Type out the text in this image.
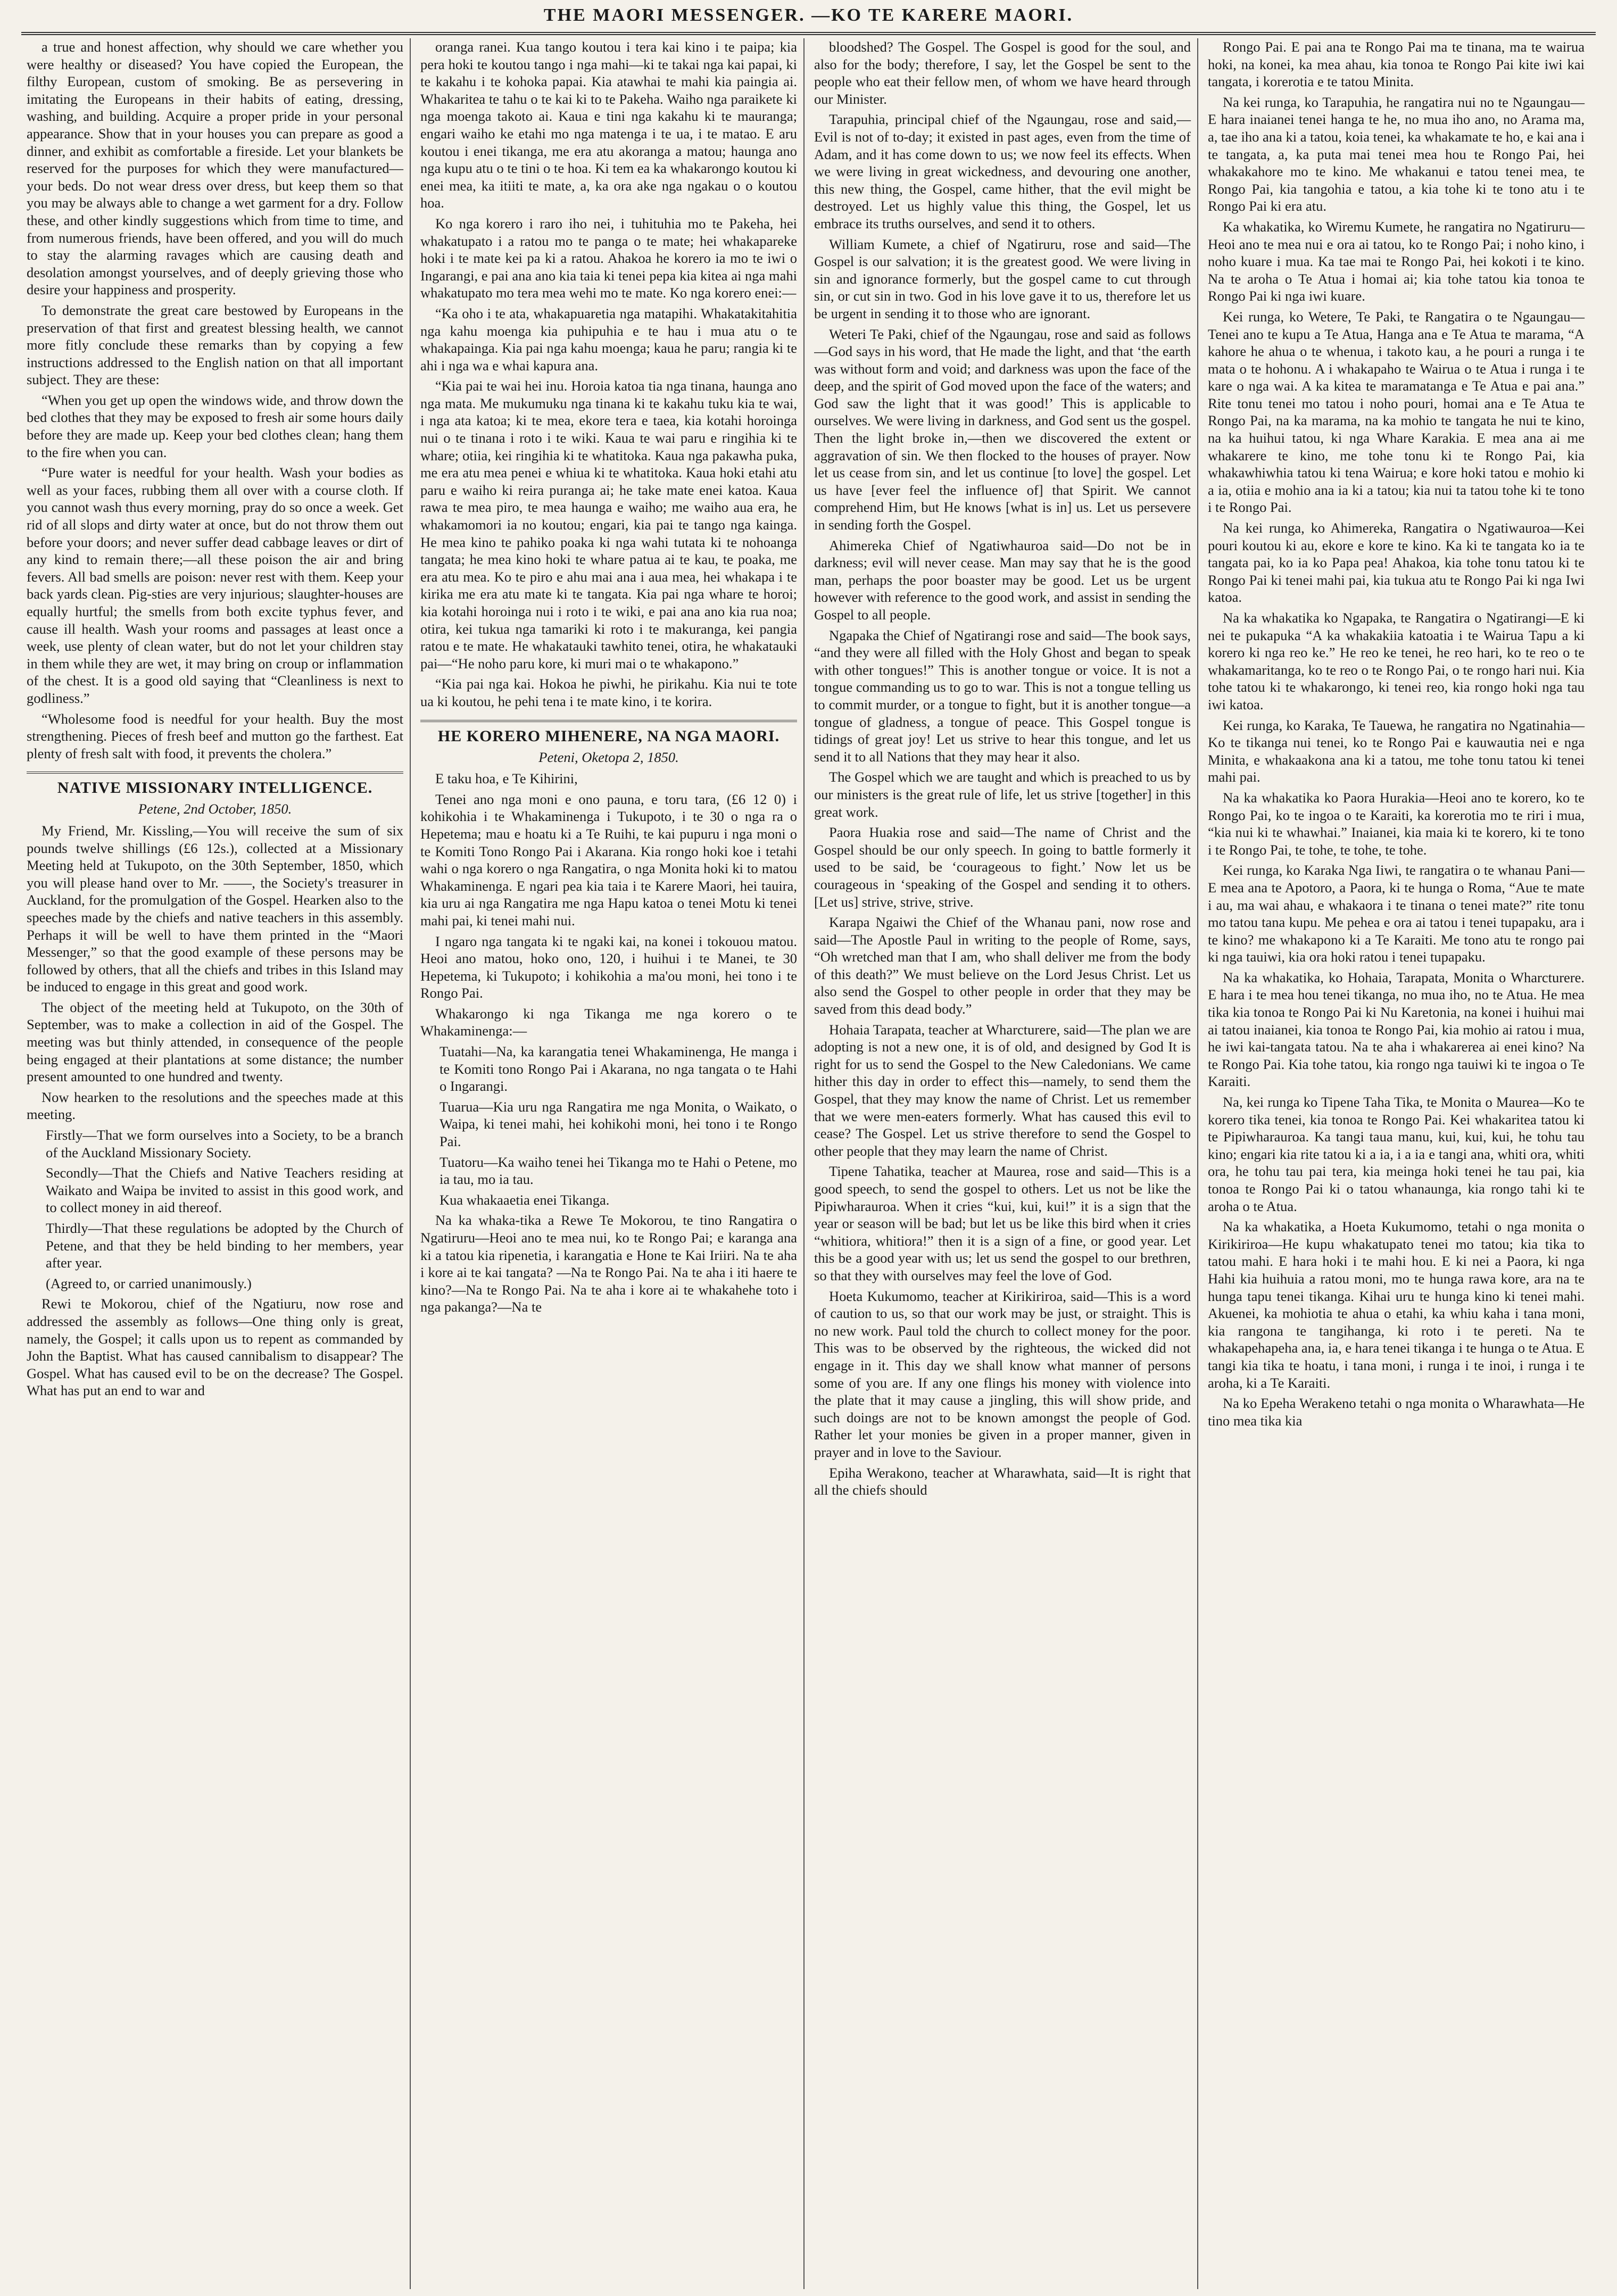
THE MAORI MESSENGER. —KO TE KARERE MAORI.

a true and honest affection, why should we care whether you were healthy or diseased? You have copied the European, the filthy European, custom of smoking. Be as persevering in imitating the Europeans in their habits of eating, dressing, washing, and building. Acquire a proper pride in your personal appearance. Show that in your houses you can prepare as good a dinner, and exhibit as comfortable a fireside. Let your blankets be reserved for the purposes for which they were manufactured—your beds. Do not wear dress over dress, but keep them so that you may be always able to change a wet garment for a dry. Follow these, and other kindly suggestions which from time to time, and from numerous friends, have been offered, and you will do much to stay the alarming ravages which are causing death and desolation amongst yourselves, and of deeply grieving those who desire your happiness and prosperity.

To demonstrate the great care bestowed by Europeans in the preservation of that first and greatest blessing health, we cannot more fitly conclude these remarks than by copying a few instructions addressed to the English nation on that all important subject. They are these:

“When you get up open the windows wide, and throw down the bed clothes that they may be exposed to fresh air some hours daily before they are made up. Keep your bed clothes clean; hang them to the fire when you can.

“Pure water is needful for your health. Wash your bodies as well as your faces, rubbing them all over with a course cloth. If you cannot wash thus every morning, pray do so once a week. Get rid of all slops and dirty water at once, but do not throw them out before your doors; and never suffer dead cabbage leaves or dirt of any kind to remain there;—all these poison the air and bring fevers. All bad smells are poison: never rest with them. Keep your back yards clean. Pig-sties are very injurious; slaughter-houses are equally hurtful; the smells from both excite typhus fever, and cause ill health. Wash your rooms and passages at least once a week, use plenty of clean water, but do not let your children stay in them while they are wet, it may bring on croup or inflammation of the chest. It is a good old saying that “Cleanliness is next to godliness.”

“Wholesome food is needful for your health. Buy the most strengthening. Pieces of fresh beef and mutton go the farthest. Eat plenty of fresh salt with food, it prevents the cholera.”

NATIVE MISSIONARY INTELLIGENCE.
Petene, 2nd October, 1850.

My Friend, Mr. Kissling,—You will receive the sum of six pounds twelve shillings (£6 12s.), collected at a Missionary Meeting held at Tukupoto, on the 30th September, 1850, which you will please hand over to Mr. ——, the Society's treasurer in Auckland, for the promulgation of the Gospel. Hearken also to the speeches made by the chiefs and native teachers in this assembly. Perhaps it will be well to have them printed in the “Maori Messenger,” so that the good example of these persons may be followed by others, that all the chiefs and tribes in this Island may be induced to engage in this great and good work.

The object of the meeting held at Tukupoto, on the 30th of September, was to make a collection in aid of the Gospel. The meeting was but thinly attended, in consequence of the people being engaged at their plantations at some distance; the number present amounted to one hundred and twenty.

Now hearken to the resolutions and the speeches made at this meeting.

Firstly—That we form ourselves into a Society, to be a branch of the Auckland Missionary Society.

Secondly—That the Chiefs and Native Teachers residing at Waikato and Waipa be invited to assist in this good work, and to collect money in aid thereof.

Thirdly—That these regulations be adopted by the Church of Petene, and that they be held binding to her members, year after year.

(Agreed to, or carried unanimously.)

Rewi te Mokorou, chief of the Ngatiuru, now rose and addressed the assembly as follows—One thing only is great, namely, the Gospel; it calls upon us to repent as commanded by John the Baptist. What has caused cannibalism to disappear? The Gospel. What has caused evil to be on the decrease? The Gospel. What has put an end to war and

oranga ranei. Kua tango koutou i tera kai kino i te paipa; kia pera hoki te koutou tango i nga mahi—ki te takai nga kai papai, ki te kakahu i te kohoka papai. Kia atawhai te mahi kia paingia ai. Whakaritea te tahu o te kai ki to te Pakeha. Waiho nga paraikete ki nga moenga takoto ai. Kaua e tini nga kakahu ki te mauranga; engari waiho ke etahi mo nga matenga i te ua, i te matao. E aru koutou i enei tikanga, me era atu akoranga a matou; haunga ano nga kupu atu o te tini o te hoa. Ki tem ea ka whakarongo koutou ki enei mea, ka itiiti te mate, a, ka ora ake nga ngakau o o koutou hoa.

Ko nga korero i raro iho nei, i tuhituhia mo te Pakeha, hei whakatupato i a ratou mo te panga o te mate; hei whakapareke hoki i te mate kei pa ki a ratou. Ahakoa he korero ia mo te iwi o Ingarangi, e pai ana ano kia taia ki tenei pepa kia kitea ai nga mahi whakatupato mo tera mea wehi mo te mate. Ko nga korero enei:—

“Ka oho i te ata, whakapuaretia nga matapihi. Whakatakitahitia nga kahu moenga kia puhipuhia e te hau i mua atu o te whakapainga. Kia pai nga kahu moenga; kaua he paru; rangia ki te ahi i nga wa e whai kapura ana.

“Kia pai te wai hei inu. Horoia katoa tia nga tinana, haunga ano nga mata. Me mukumuku nga tinana ki te kakahu tuku kia te wai, i nga ata katoa; ki te mea, ekore tera e taea, kia kotahi horoinga nui o te tinana i roto i te wiki. Kaua te wai paru e ringihia ki te whare; otiia, kei ringihia ki te whatitoka. Kaua nga pakawha puka, me era atu mea penei e whiua ki te whatitoka. Kaua hoki etahi atu paru e waiho ki reira puranga ai; he take mate enei katoa. Kaua rawa te mea piro, te mea haunga e waiho; me waiho aua era, he whakamomori ia no koutou; engari, kia pai te tango nga kainga. He mea kino te pahiko poaka ki nga wahi tutata ki te nohoanga tangata; he mea kino hoki te whare patua ai te kau, te poaka, me era atu mea. Ko te piro e ahu mai ana i aua mea, hei whakapa i te kirika me era atu mate ki te tangata. Kia pai nga whare te horoi; kia kotahi horoinga nui i roto i te wiki, e pai ana ano kia rua noa; otira, kei tukua nga tamariki ki roto i te makuranga, kei pangia ratou e te mate. He whakatauki tawhito tenei, otira, he whakatauki pai—“He noho paru kore, ki muri mai o te whakapono.”

“Kia pai nga kai. Hokoa he piwhi, he pirikahu. Kia nui te tote ua ki koutou, he pehi tena i te mate kino, i te korira.

HE KORERO MIHENERE, NA NGA MAORI.
Peteni, Oketopa 2, 1850.

E taku hoa, e Te Kihirini,

Tenei ano nga moni e ono pauna, e toru tara, (£6 12 0) i kohikohia i te Whakaminenga i Tukupoto, i te 30 o nga ra o Hepetema; mau e hoatu ki a Te Ruihi, te kai pupuru i nga moni o te Komiti Tono Rongo Pai i Akarana. Kia rongo hoki koe i tetahi wahi o nga korero o nga Rangatira, o nga Monita hoki ki to matou Whakaminenga. E ngari pea kia taia i te Karere Maori, hei tauira, kia uru ai nga Rangatira me nga Hapu katoa o tenei Motu ki tenei mahi pai, ki tenei mahi nui.

I ngaro nga tangata ki te ngaki kai, na konei i tokouou matou. Heoi ano matou, hoko ono, 120, i huihui i te Manei, te 30 Hepetema, ki Tukupoto; i kohikohia a ma'ou moni, hei tono i te Rongo Pai.

Whakarongo ki nga Tikanga me nga korero o te Whakaminenga:—

Tuatahi—Na, ka karangatia tenei Whakaminenga, He manga i te Komiti tono Rongo Pai i Akarana, no nga tangata o te Hahi o Ingarangi.

Tuarua—Kia uru nga Rangatira me nga Monita, o Waikato, o Waipa, ki tenei mahi, hei kohikohi moni, hei tono i te Rongo Pai.

Tuatoru—Ka waiho tenei hei Tikanga mo te Hahi o Petene, mo ia tau, mo ia tau.

Kua whakaaetia enei Tikanga.

Na ka whaka-tika a Rewe Te Mokorou, te tino Rangatira o Ngatiruru—Heoi ano te mea nui, ko te Rongo Pai; e karanga ana ki a tatou kia ripenetia, i karangatia e Hone te Kai Iriiri. Na te aha i kore ai te kai tangata? —Na te Rongo Pai. Na te aha i iti haere te kino?—Na te Rongo Pai. Na te aha i kore ai te whakahehe toto i nga pakanga?—Na te

bloodshed? The Gospel. The Gospel is good for the soul, and also for the body; therefore, I say, let the Gospel be sent to the people who eat their fellow men, of whom we have heard through our Minister.

Tarapuhia, principal chief of the Ngaungau, rose and said,—Evil is not of to-day; it existed in past ages, even from the time of Adam, and it has come down to us; we now feel its effects. When we were living in great wickedness, and devouring one another, this new thing, the Gospel, came hither, that the evil might be destroyed. Let us highly value this thing, the Gospel, let us embrace its truths ourselves, and send it to others.

William Kumete, a chief of Ngatiruru, rose and said—The Gospel is our salvation; it is the greatest good. We were living in sin and ignorance formerly, but the gospel came to cut through sin, or cut sin in two. God in his love gave it to us, therefore let us be urgent in sending it to those who are ignorant.

Weteri Te Paki, chief of the Ngaungau, rose and said as follows—God says in his word, that He made the light, and that ‘the earth was without form and void; and darkness was upon the face of the deep, and the spirit of God moved upon the face of the waters; and God saw the light that it was good!’ This is applicable to ourselves. We were living in darkness, and God sent us the gospel. Then the light broke in,—then we discovered the extent or aggravation of sin. We then flocked to the houses of prayer. Now let us cease from sin, and let us continue [to love] the gospel. Let us have [ever feel the influence of] that Spirit. We cannot comprehend Him, but He knows [what is in] us. Let us persevere in sending forth the Gospel.

Ahimereka Chief of Ngatiwhauroa said—Do not be in darkness; evil will never cease. Man may say that he is the good man, perhaps the poor boaster may be good. Let us be urgent however with reference to the good work, and assist in sending the Gospel to all people.

Ngapaka the Chief of Ngatirangi rose and said—The book says, “and they were all filled with the Holy Ghost and began to speak with other tongues!” This is another tongue or voice. It is not a tongue commanding us to go to war. This is not a tongue telling us to commit murder, or a tongue to fight, but it is another tongue—a tongue of gladness, a tongue of peace. This Gospel tongue is tidings of great joy! Let us strive to hear this tongue, and let us send it to all Nations that they may hear it also.

The Gospel which we are taught and which is preached to us by our ministers is the great rule of life, let us strive [together] in this great work.

Paora Huakia rose and said—The name of Christ and the Gospel should be our only speech. In going to battle formerly it used to be said, be ‘courageous to fight.’ Now let us be courageous in ‘speaking of the Gospel and sending it to others. [Let us] strive, strive, strive.

Karapa Ngaiwi the Chief of the Whanau pani, now rose and said—The Apostle Paul in writing to the people of Rome, says, “Oh wretched man that I am, who shall deliver me from the body of this death?” We must believe on the Lord Jesus Christ. Let us also send the Gospel to other people in order that they may be saved from this dead body.”

Hohaia Tarapata, teacher at Wharcturere, said—The plan we are adopting is not a new one, it is of old, and designed by God It is right for us to send the Gospel to the New Caledonians. We came hither this day in order to effect this—namely, to send them the Gospel, that they may know the name of Christ. Let us remember that we were men-eaters formerly. What has caused this evil to cease? The Gospel. Let us strive therefore to send the Gospel to other people that they may learn the name of Christ.

Tipene Tahatika, teacher at Maurea, rose and said—This is a good speech, to send the gospel to others. Let us not be like the Pipiwharauroa. When it cries “kui, kui, kui!” it is a sign that the year or season will be bad; but let us be like this bird when it cries “whitiora, whitiora!” then it is a sign of a fine, or good year. Let this be a good year with us; let us send the gospel to our brethren, so that they with ourselves may feel the love of God.

Hoeta Kukumomo, teacher at Kirikiriroa, said—This is a word of caution to us, so that our work may be just, or straight. This is no new work. Paul told the church to collect money for the poor. This was to be observed by the righteous, the wicked did not engage in it. This day we shall know what manner of persons some of you are. If any one flings his money with violence into the plate that it may cause a jingling, this will show pride, and such doings are not to be known amongst the people of God. Rather let your monies be given in a proper manner, given in prayer and in love to the Saviour.

Epiha Werakono, teacher at Wharawhata, said—It is right that all the chiefs should

Rongo Pai. E pai ana te Rongo Pai ma te tinana, ma te wairua hoki, na konei, ka mea ahau, kia tonoa te Rongo Pai kite iwi kai tangata, i korerotia e te tatou Minita.

Na kei runga, ko Tarapuhia, he rangatira nui no te Ngaungau—E hara inaianei tenei hanga te he, no mua iho ano, no Arama ma, a, tae iho ana ki a tatou, koia tenei, ka whakamate te ho, e kai ana i te tangata, a, ka puta mai tenei mea hou te Rongo Pai, hei whakakahore mo te kino. Me whakanui e tatou tenei mea, te Rongo Pai, kia tangohia e tatou, a kia tohe ki te tono atu i te Rongo Pai ki era atu.

Ka whakatika, ko Wiremu Kumete, he rangatira no Ngatiruru—Heoi ano te mea nui e ora ai tatou, ko te Rongo Pai; i noho kino, i noho kuare i mua. Ka tae mai te Rongo Pai, hei kokoti i te kino. Na te aroha o Te Atua i homai ai; kia tohe tatou kia tonoa te Rongo Pai ki nga iwi kuare.

Kei runga, ko Wetere, Te Paki, te Rangatira o te Ngaungau—Tenei ano te kupu a Te Atua, Hanga ana e Te Atua te marama, “A kahore he ahua o te whenua, i takoto kau, a he pouri a runga i te mata o te hohonu. A i whakapaho te Wairua o te Atua i runga i te kare o nga wai. A ka kitea te maramatanga e Te Atua e pai ana.” Rite tonu tenei mo tatou i noho pouri, homai ana e Te Atua te Rongo Pai, na ka marama, na ka mohio te tangata he nui te kino, na ka huihui tatou, ki nga Whare Karakia. E mea ana ai me whakarere te kino, me tohe tonu ki te Rongo Pai, kia whakawhiwhia tatou ki tena Wairua; e kore hoki tatou e mohio ki a ia, otiia e mohio ana ia ki a tatou; kia nui ta tatou tohe ki te tono i te Rongo Pai.

Na kei runga, ko Ahimereka, Rangatira o Ngatiwauroa—Kei pouri koutou ki au, ekore e kore te kino. Ka ki te tangata ko ia te tangata pai, ko ia ko Papa pea! Ahakoa, kia tohe tonu tatou ki te Rongo Pai ki tenei mahi pai, kia tukua atu te Rongo Pai ki nga Iwi katoa.

Na ka whakatika ko Ngapaka, te Rangatira o Ngatirangi—E ki nei te pukapuka “A ka whakakiia katoatia i te Wairua Tapu a ki korero ki nga reo ke.” He reo ke tenei, he reo hari, ko te reo o te whakamaritanga, ko te reo o te Rongo Pai, o te rongo hari nui. Kia tohe tatou ki te whakarongo, ki tenei reo, kia rongo hoki nga tau iwi katoa.

Kei runga, ko Karaka, Te Tauewa, he rangatira no Ngatinahia—Ko te tikanga nui tenei, ko te Rongo Pai e kauwautia nei e nga Minita, e whakaakona ana ki a tatou, me tohe tonu tatou ki tenei mahi pai.

Na ka whakatika ko Paora Hurakia—Heoi ano te korero, ko te Rongo Pai, ko te ingoa o te Karaiti, ka korerotia mo te riri i mua, “kia nui ki te whawhai.” Inaianei, kia maia ki te korero, ki te tono i te Rongo Pai, te tohe, te tohe, te tohe.

Kei runga, ko Karaka Nga Iiwi, te rangatira o te whanau Pani—E mea ana te Apotoro, a Paora, ki te hunga o Roma, “Aue te mate i au, ma wai ahau, e whakaora i te tinana o tenei mate?” rite tonu mo tatou tana kupu. Me pehea e ora ai tatou i tenei tupapaku, ara i te kino? me whakapono ki a Te Karaiti. Me tono atu te rongo pai ki nga tauiwi, kia ora hoki ratou i tenei tupapaku.

Na ka whakatika, ko Hohaia, Tarapata, Monita o Wharcturere. E hara i te mea hou tenei tikanga, no mua iho, no te Atua. He mea tika kia tonoa te Rongo Pai ki Nu Karetonia, na konei i huihui mai ai tatou inaianei, kia tonoa te Rongo Pai, kia mohio ai ratou i mua, he iwi kai-tangata tatou. Na te aha i whakarerea ai enei kino? Na te Rongo Pai. Kia tohe tatou, kia rongo nga tauiwi ki te ingoa o Te Karaiti.

Na, kei runga ko Tipene Taha Tika, te Monita o Maurea—Ko te korero tika tenei, kia tonoa te Rongo Pai. Kei whakaritea tatou ki te Pipiwharauroa. Ka tangi taua manu, kui, kui, kui, he tohu tau kino; engari kia rite tatou ki a ia, i a ia e tangi ana, whiti ora, whiti ora, he tohu tau pai tera, kia meinga hoki tenei he tau pai, kia tonoa te Rongo Pai ki o tatou whanaunga, kia rongo tahi ki te aroha o te Atua.

Na ka whakatika, a Hoeta Kukumomo, tetahi o nga monita o Kirikiriroa—He kupu whakatupato tenei mo tatou; kia tika to tatou mahi. E hara hoki i te mahi hou. E ki nei a Paora, ki nga Hahi kia huihuia a ratou moni, mo te hunga rawa kore, ara na te hunga tapu tenei tikanga. Kihai uru te hunga kino ki tenei mahi. Akuenei, ka mohiotia te ahua o etahi, ka whiu kaha i tana moni, kia rangona te tangihanga, ki roto i te pereti. Na te whakapehapeha ana, ia, e hara tenei tikanga i te hunga o te Atua. E tangi kia tika te hoatu, i tana moni, i runga i te inoi, i runga i te aroha, ki a Te Karaiti.

Na ko Epeha Werakeno tetahi o nga monita o Wharawhata—He tino mea tika kia
